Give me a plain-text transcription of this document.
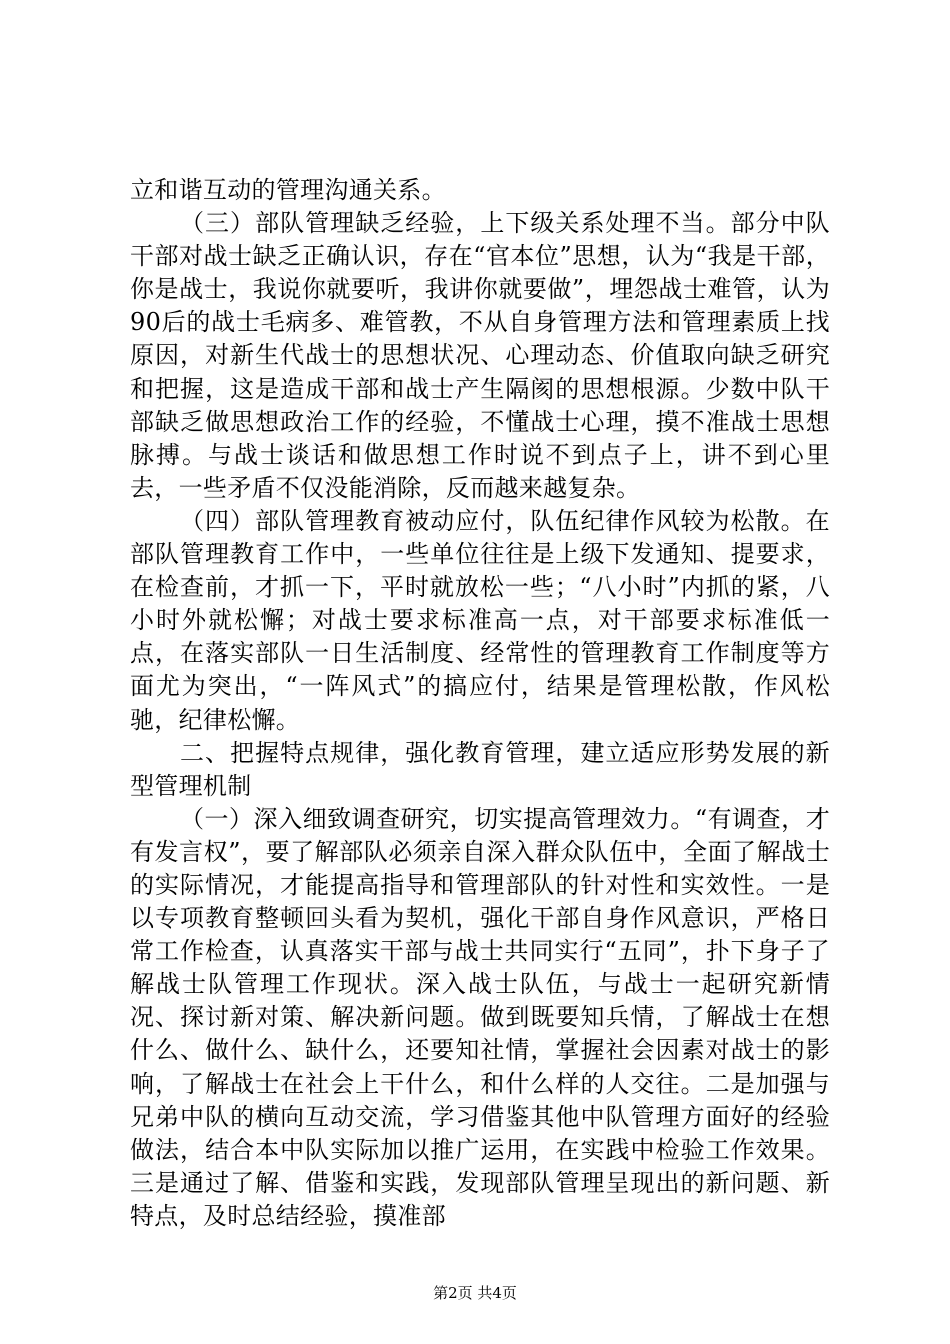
立和谐互动的管理沟通关系。

（三）部队管理缺乏经验，上下级关系处理不当。部分中队干部对战士缺乏正确认识，存在“官本位”思想，认为“我是干部，你是战士，我说你就要听，我讲你就要做”，埋怨战士难管，认为90后的战士毛病多、难管教，不从自身管理方法和管理素质上找原因，对新生代战士的思想状况、心理动态、价值取向缺乏研究和把握，这是造成干部和战士产生隔阂的思想根源。少数中队干部缺乏做思想政治工作的经验，不懂战士心理，摸不准战士思想脉搏。与战士谈话和做思想工作时说不到点子上，讲不到心里去，一些矛盾不仅没能消除，反而越来越复杂。

（四）部队管理教育被动应付，队伍纪律作风较为松散。在部队管理教育工作中，一些单位往往是上级下发通知、提要求，在检查前，才抓一下，平时就放松一些；“八小时”内抓的紧，八小时外就松懈；对战士要求标准高一点，对干部要求标准低一点，在落实部队一日生活制度、经常性的管理教育工作制度等方面尤为突出，“一阵风式”的搞应付，结果是管理松散，作风松驰，纪律松懈。

二、把握特点规律，强化教育管理，建立适应形势发展的新型管理机制

（一）深入细致调查研究，切实提高管理效力。“有调查，才有发言权”，要了解部队必须亲自深入群众队伍中，全面了解战士的实际情况，才能提高指导和管理部队的针对性和实效性。一是以专项教育整顿回头看为契机，强化干部自身作风意识，严格日常工作检查，认真落实干部与战士共同实行“五同”，扑下身子了解战士队管理工作现状。深入战士队伍，与战士一起研究新情况、探讨新对策、解决新问题。做到既要知兵情，了解战士在想什么、做什么、缺什么，还要知社情，掌握社会因素对战士的影响，了解战士在社会上干什么，和什么样的人交往。二是加强与兄弟中队的横向互动交流，学习借鉴其他中队管理方面好的经验做法，结合本中队实际加以推广运用，在实践中检验工作效果。三是通过了解、借鉴和实践，发现部队管理呈现出的新问题、新特点，及时总结经验，摸准部

第2页 共4页
